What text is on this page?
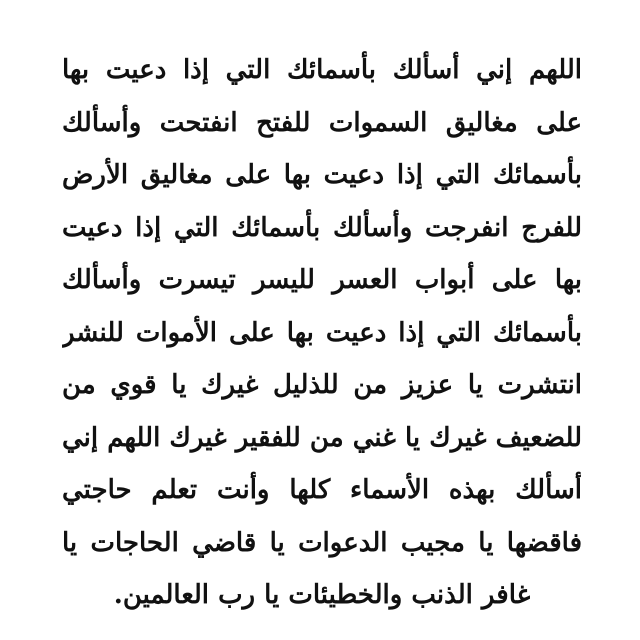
اللهم إني أسألك بأسمائك التي إذا دعيت بها
على مغاليق السموات للفتح انفتحت وأسألك
بأسمائك التي إذا دعيت بها على مغاليق الأرض
للفرج انفرجت وأسألك بأسمائك التي إذا دعيت
بها على أبواب العسر لليسر تيسرت وأسألك
بأسمائك التي إذا دعيت بها على الأموات للنشر
انتشرت يا عزيز من للذليل غيرك يا قوي من
للضعيف غيرك يا غني من للفقير غيرك اللهم إني
أسألك بهذه الأسماء كلها وأنت تعلم حاجتي
فاقضها يا مجيب الدعوات يا قاضي الحاجات يا
غافر الذنب والخطيئات يا رب العالمين.
